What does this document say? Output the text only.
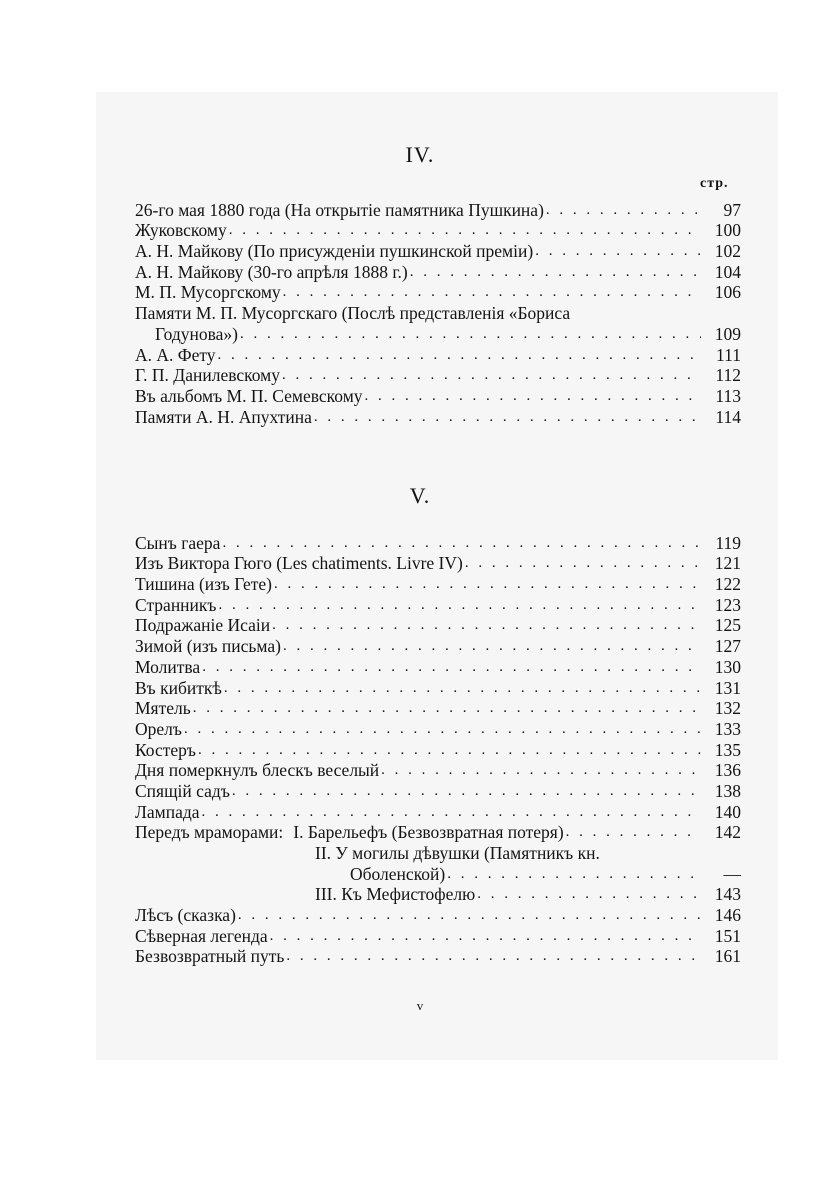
IV.
стр.
26-го мая 1880 года (На открытіе памятника Пушкина) . . .	97
Жуковскому . . .	100
А. Н. Майкову (По присужденіи пушкинской преміи) . . .	102
А. Н. Майкову (30-го апрѣля 1888 г.) . . .	104
М. П. Мусоргскому . . .	106
Памяти М. П. Мусоргскаго (Послѣ представленія «Бориса
Годунова») . . .	109
А. А. Фету . . .	111
Г. П. Данилевскому . . .	112
Въ альбомъ М. П. Семевскому . . .	113
Памяти А. Н. Апухтина . . .	114
V.
Сынъ гаера . . .	119
Изъ Виктора Гюго (Les chatiments. Livre IV) . . .	121
Тишина (изъ Гете) . . .	122
Странникъ . . .	123
Подражаніе Исаіи . . .	125
Зимой (изъ письма) . . .	127
Молитва . . .	130
Въ кибиткѣ . . .	131
Мятель . . .	132
Орелъ . . .	133
Костеръ . . .	135
Дня померкнулъ блескъ веселый . . .	136
Спящій садъ . . .	138
Лампада . . .	140
Передъ мраморами: I. Барельефъ (Безвозвратная потеря) . . .	142
II. У могилы дѣвушки (Памятникъ кн.
Оболенской) . . .	—
III. Къ Мефистофелю . . .	143
Лѣсъ (сказка) . . .	146
Сѣверная легенда . . .	151
Безвозвратный путь . . .	161
v
